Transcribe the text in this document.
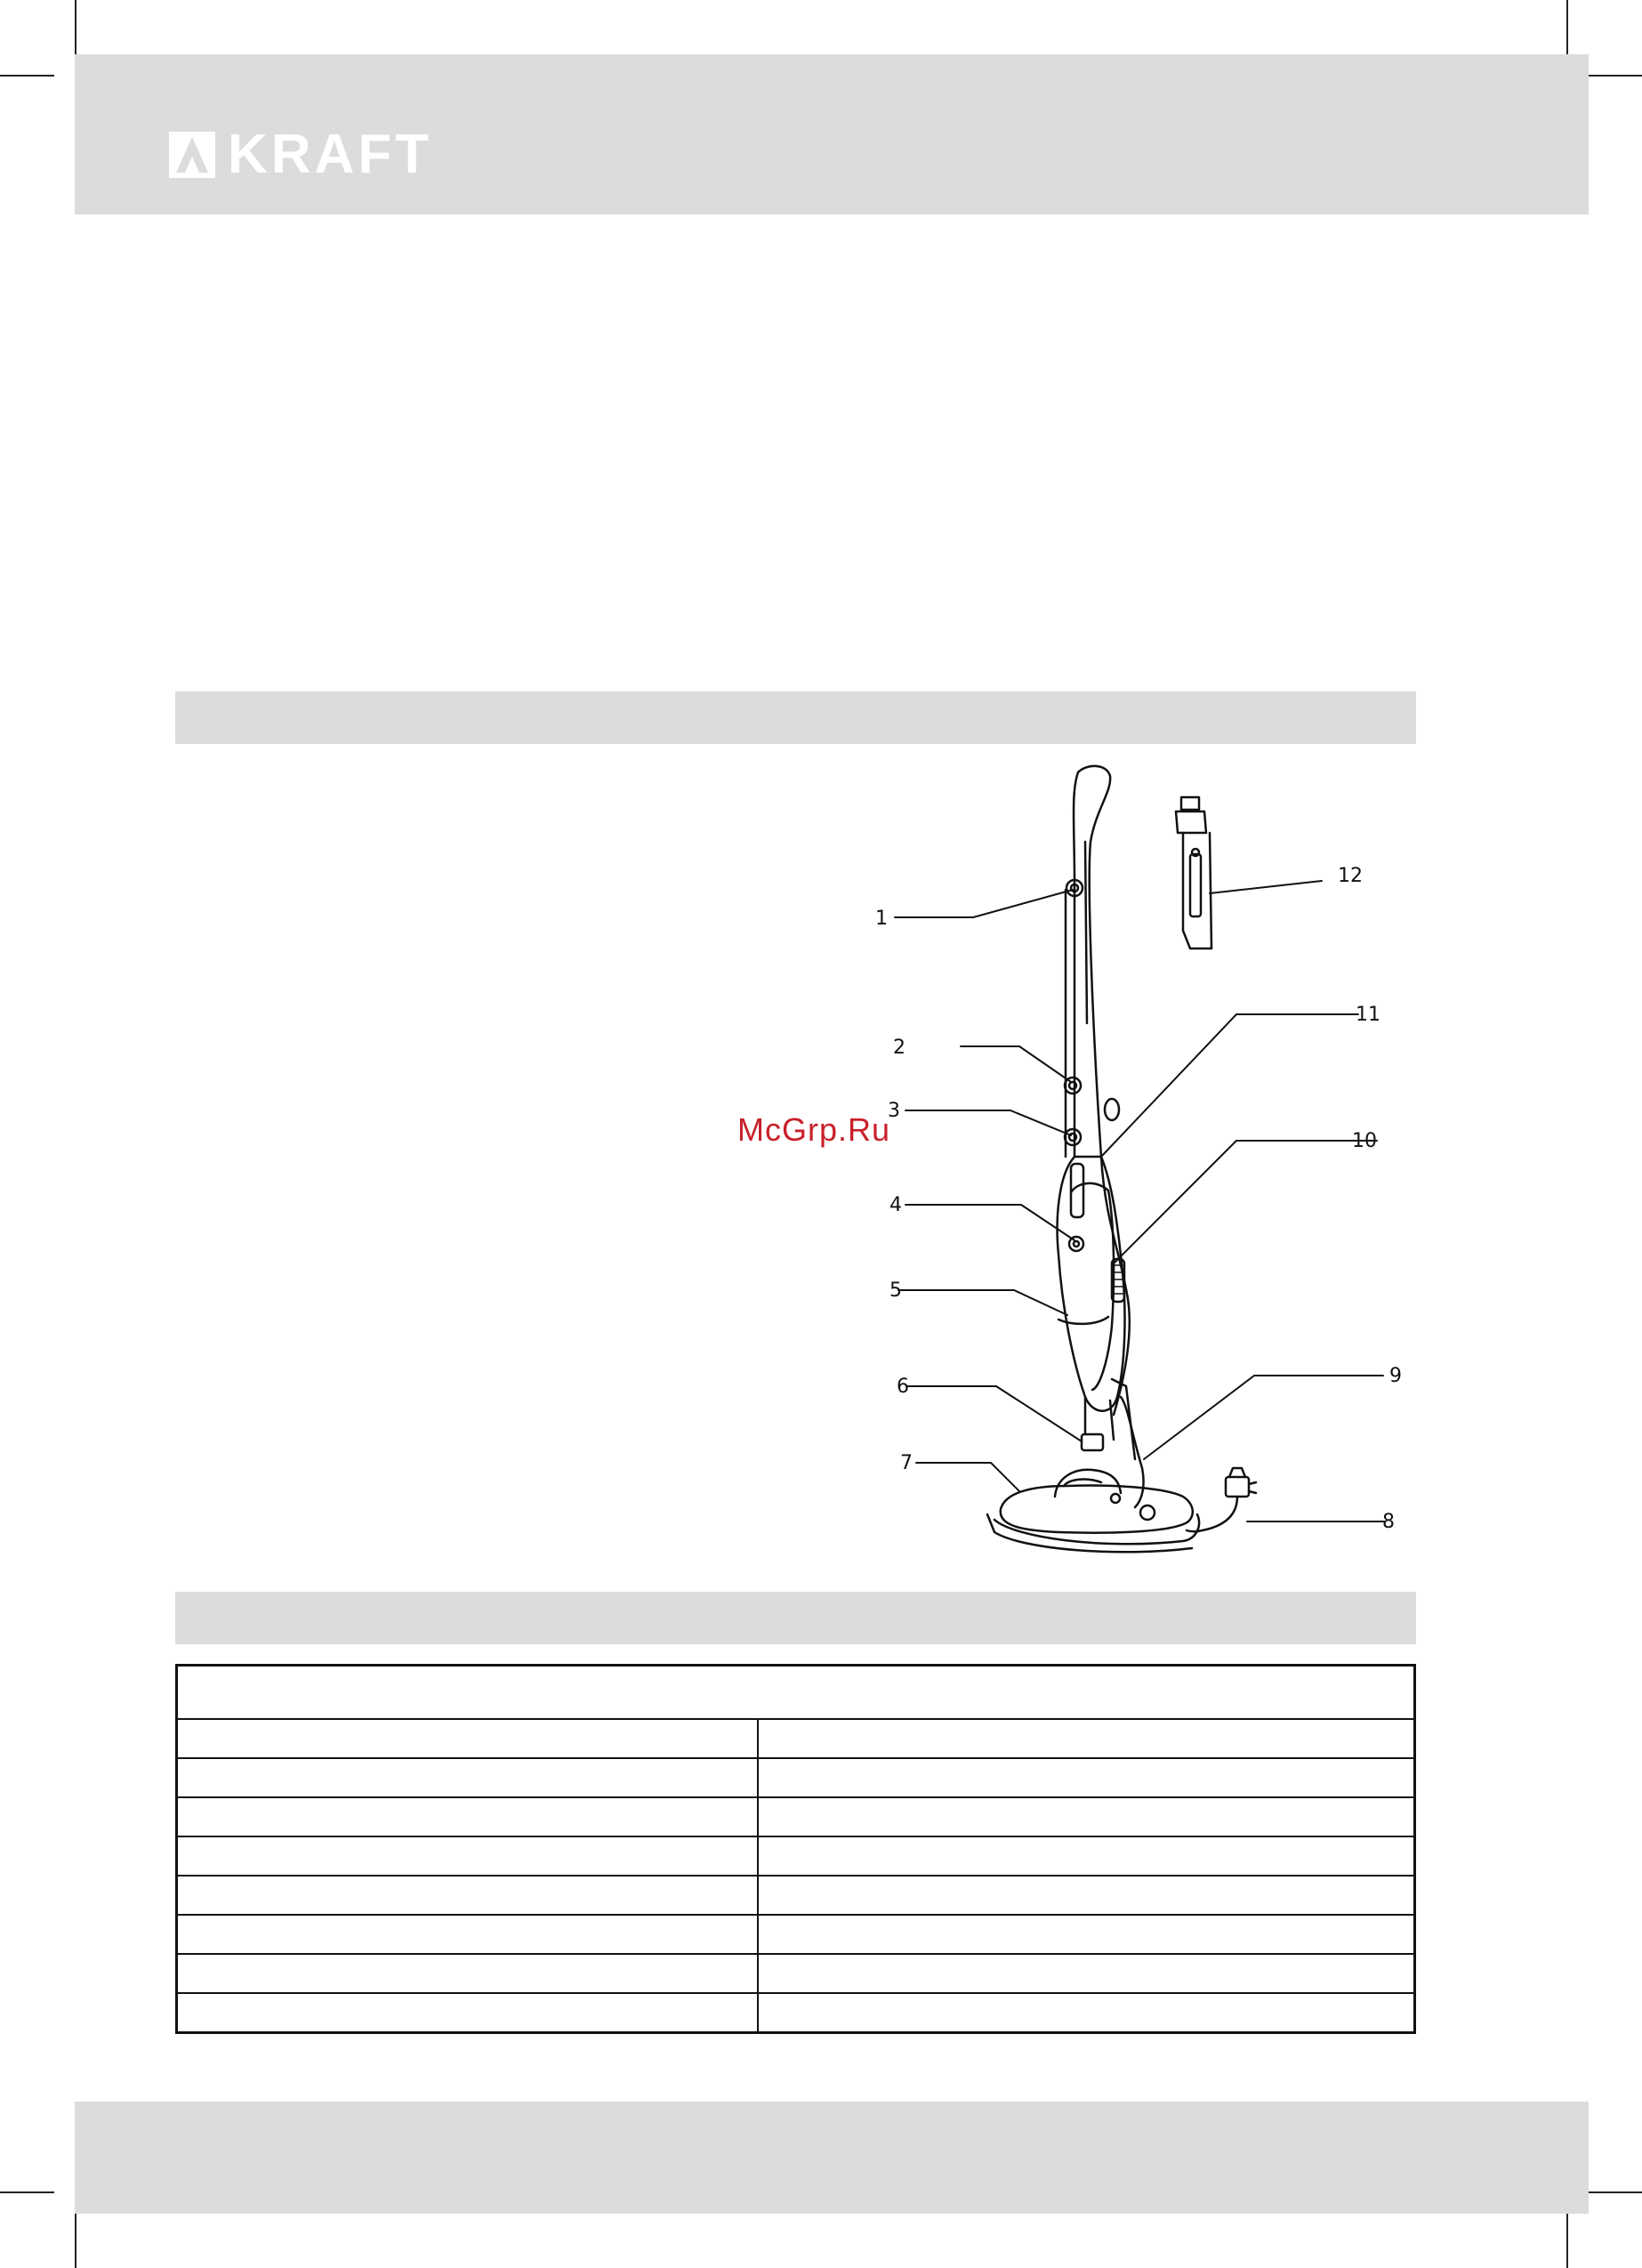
KRAFT
1
2
3
4
5
6
7
8
9
10
11
12
McGrp.Ru
